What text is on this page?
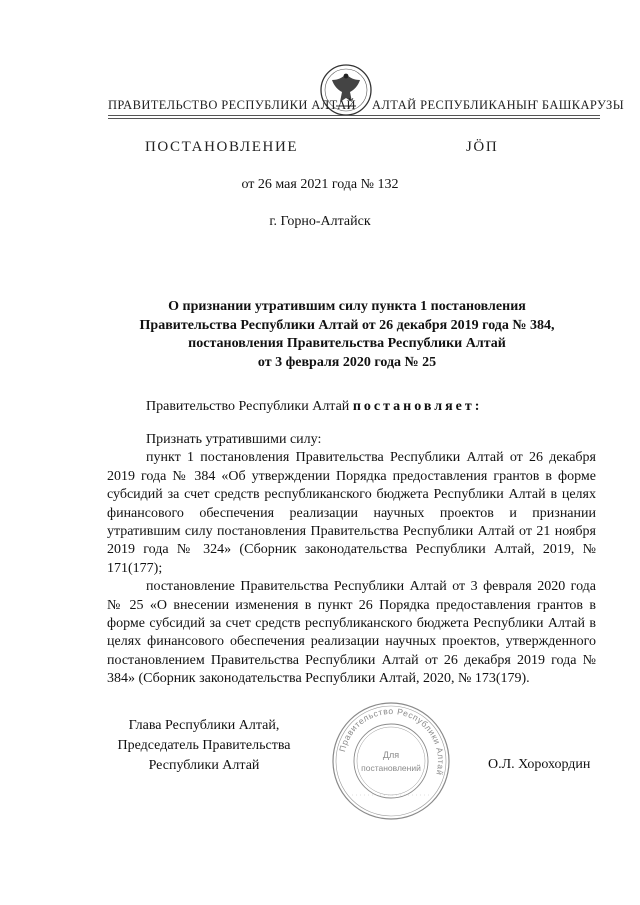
ПРАВИТЕЛЬСТВО РЕСПУБЛИКИ АЛТАЙ АЛТАЙ РЕСПУБЛИКАНЫҤ БАШКАРУЗЫ
ПОСТАНОВЛЕНИЕ	ЈӦП
от 26 мая 2021 года № 132
г. Горно-Алтайск
О признании утратившим силу пункта 1 постановления
Правительства Республики Алтай от 26 декабря 2019 года № 384,
постановления Правительства Республики Алтай
от 3 февраля 2020 года № 25

Правительство Республики Алтай постановляет:

Признать утратившими силу:

пункт 1 постановления Правительства Республики Алтай от 26 декабря 2019 года № 384 «Об утверждении Порядка предоставления грантов в форме субсидий за счет средств республиканского бюджета Республики Алтай в целях финансового обеспечения реализации научных проектов и признании утратившим силу постановления Правительства Республики Алтай от 21 ноября 2019 года № 324» (Сборник законодательства Республики Алтай, 2019, № 171(177);

постановление Правительства Республики Алтай от 3 февраля 2020 года № 25 «О внесении изменения в пункт 26 Порядка предоставления грантов в форме субсидий за счет средств республиканского бюджета Республики Алтай в целях финансового обеспечения реализации научных проектов, утвержденного постановлением Правительства Республики Алтай от 26 декабря 2019 года № 384» (Сборник законодательства Республики Алтай, 2020, № 173(179).

Глава Республики Алтай,
Председатель Правительства
Республики Алтай
Правительство Республики Алтай
Для
постановлений	О.Л. Хорохордин
